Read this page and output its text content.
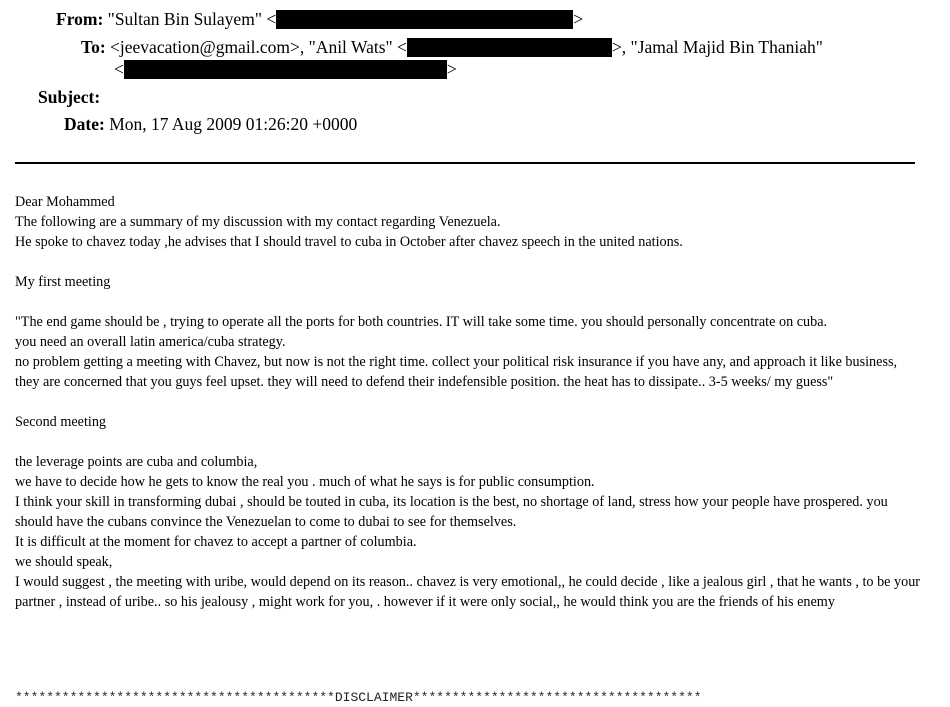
From: "Sultan Bin Sulayem" <	>
To: <jeevacation@gmail.com>, "Anil Wats" <	>, "Jamal Majid Bin Thaniah"
<	>
Subject:
Date: Mon, 17 Aug 2009 01:26:20 +0000

Dear Mohammed

The following are a summary of my discussion with my contact regarding Venezuela.

He spoke to chavez today ,he advises that I should travel to cuba in October after chavez speech in the united nations.

My first meeting

"The end game should be , trying to operate all the ports for both countries. IT will take some time. you should personally concentrate on cuba.

you need an overall latin america/cuba strategy.

no problem getting a meeting with Chavez, but now is not the right time. collect your political risk insurance if you have any, and approach it like business, they are concerned that you guys feel upset. they will need to defend their indefensible position. the heat has to dissipate.. 3-5 weeks/ my guess"

Second meeting

the leverage points are cuba and columbia,

we have to decide how he gets to know the real you . much of what he says is for public consumption.

I think your skill in transforming dubai , should be touted in cuba, its location is the best, no shortage of land, stress how your people have prospered. you should have the cubans convince the Venezuelan to come to dubai to see for themselves.

It is difficult at the moment for chavez to accept a partner of columbia.

we should speak,

I would suggest , the meeting with uribe, would depend on its reason.. chavez is very emotional,, he could decide , like a jealous girl , that he wants , to be your partner , instead of uribe.. so his jealousy , might work for you, . however if it were only social,, he would think you are the friends of his enemy

*****************************************DISCLAIMER*************************************
